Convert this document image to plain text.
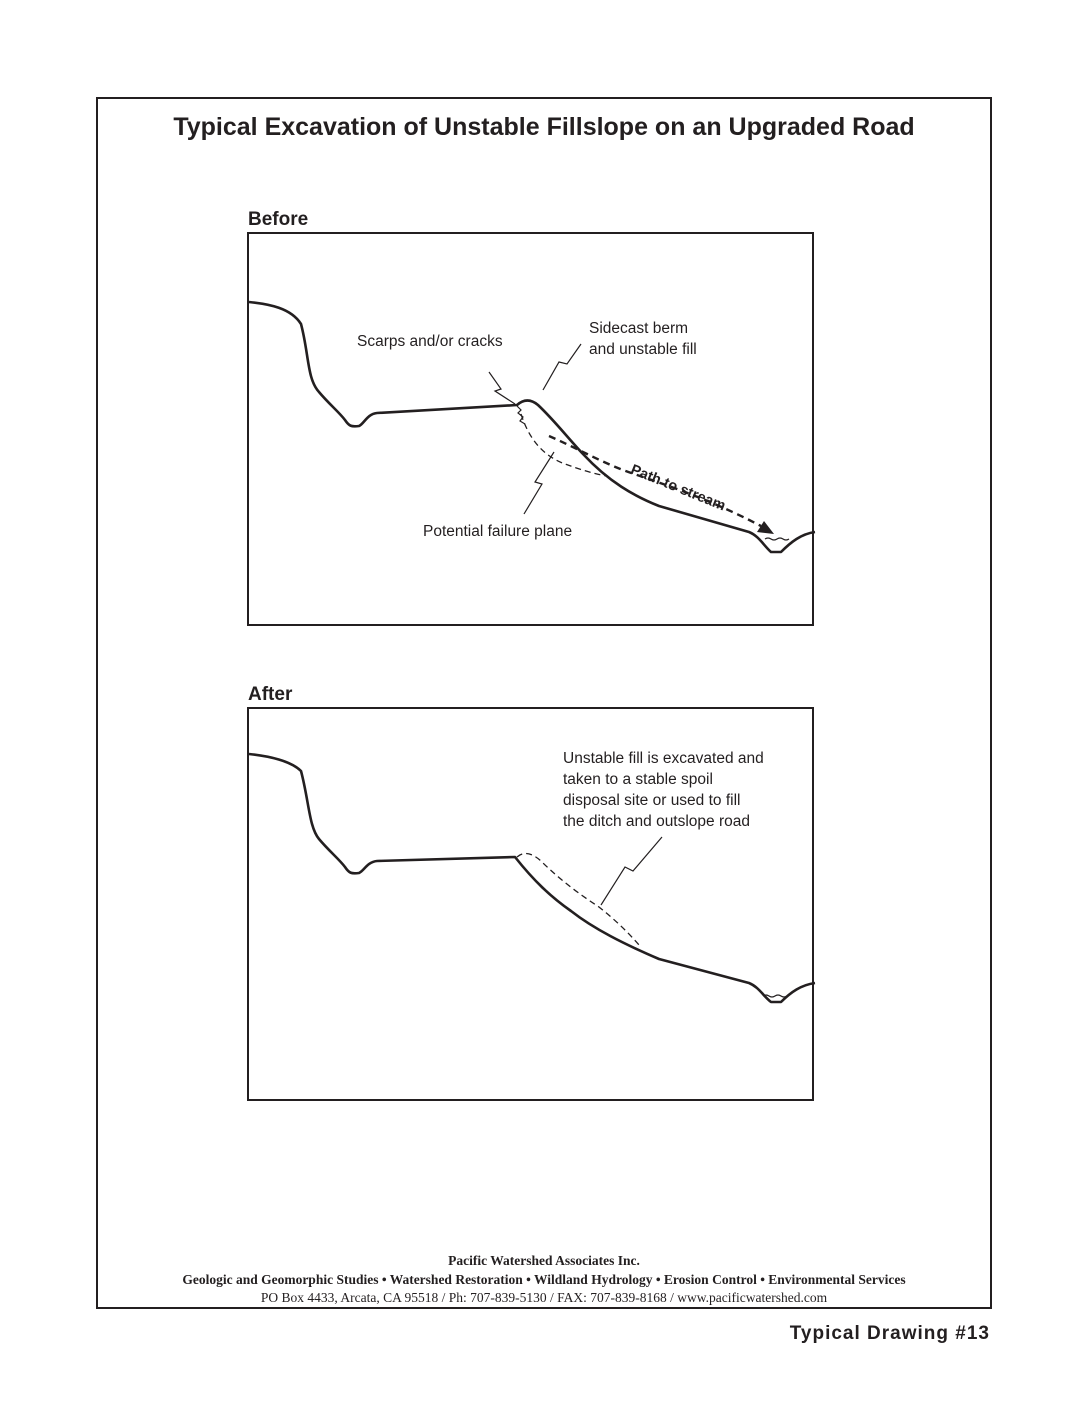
Typical Excavation of Unstable Fillslope on an Upgraded Road
Before
Scarps and/or cracks
Sidecast berm
and unstable fill
Potential failure plane
Path to stream
After
Unstable fill is excavated and
taken to a stable spoil
disposal site or used to fill
the ditch and outslope road
Pacific Watershed Associates Inc.
Geologic and Geomorphic Studies • Watershed Restoration • Wildland Hydrology • Erosion Control • Environmental Services
PO Box 4433, Arcata, CA 95518 / Ph: 707-839-5130 / FAX: 707-839-8168 / www.pacificwatershed.com
Typical Drawing #13
